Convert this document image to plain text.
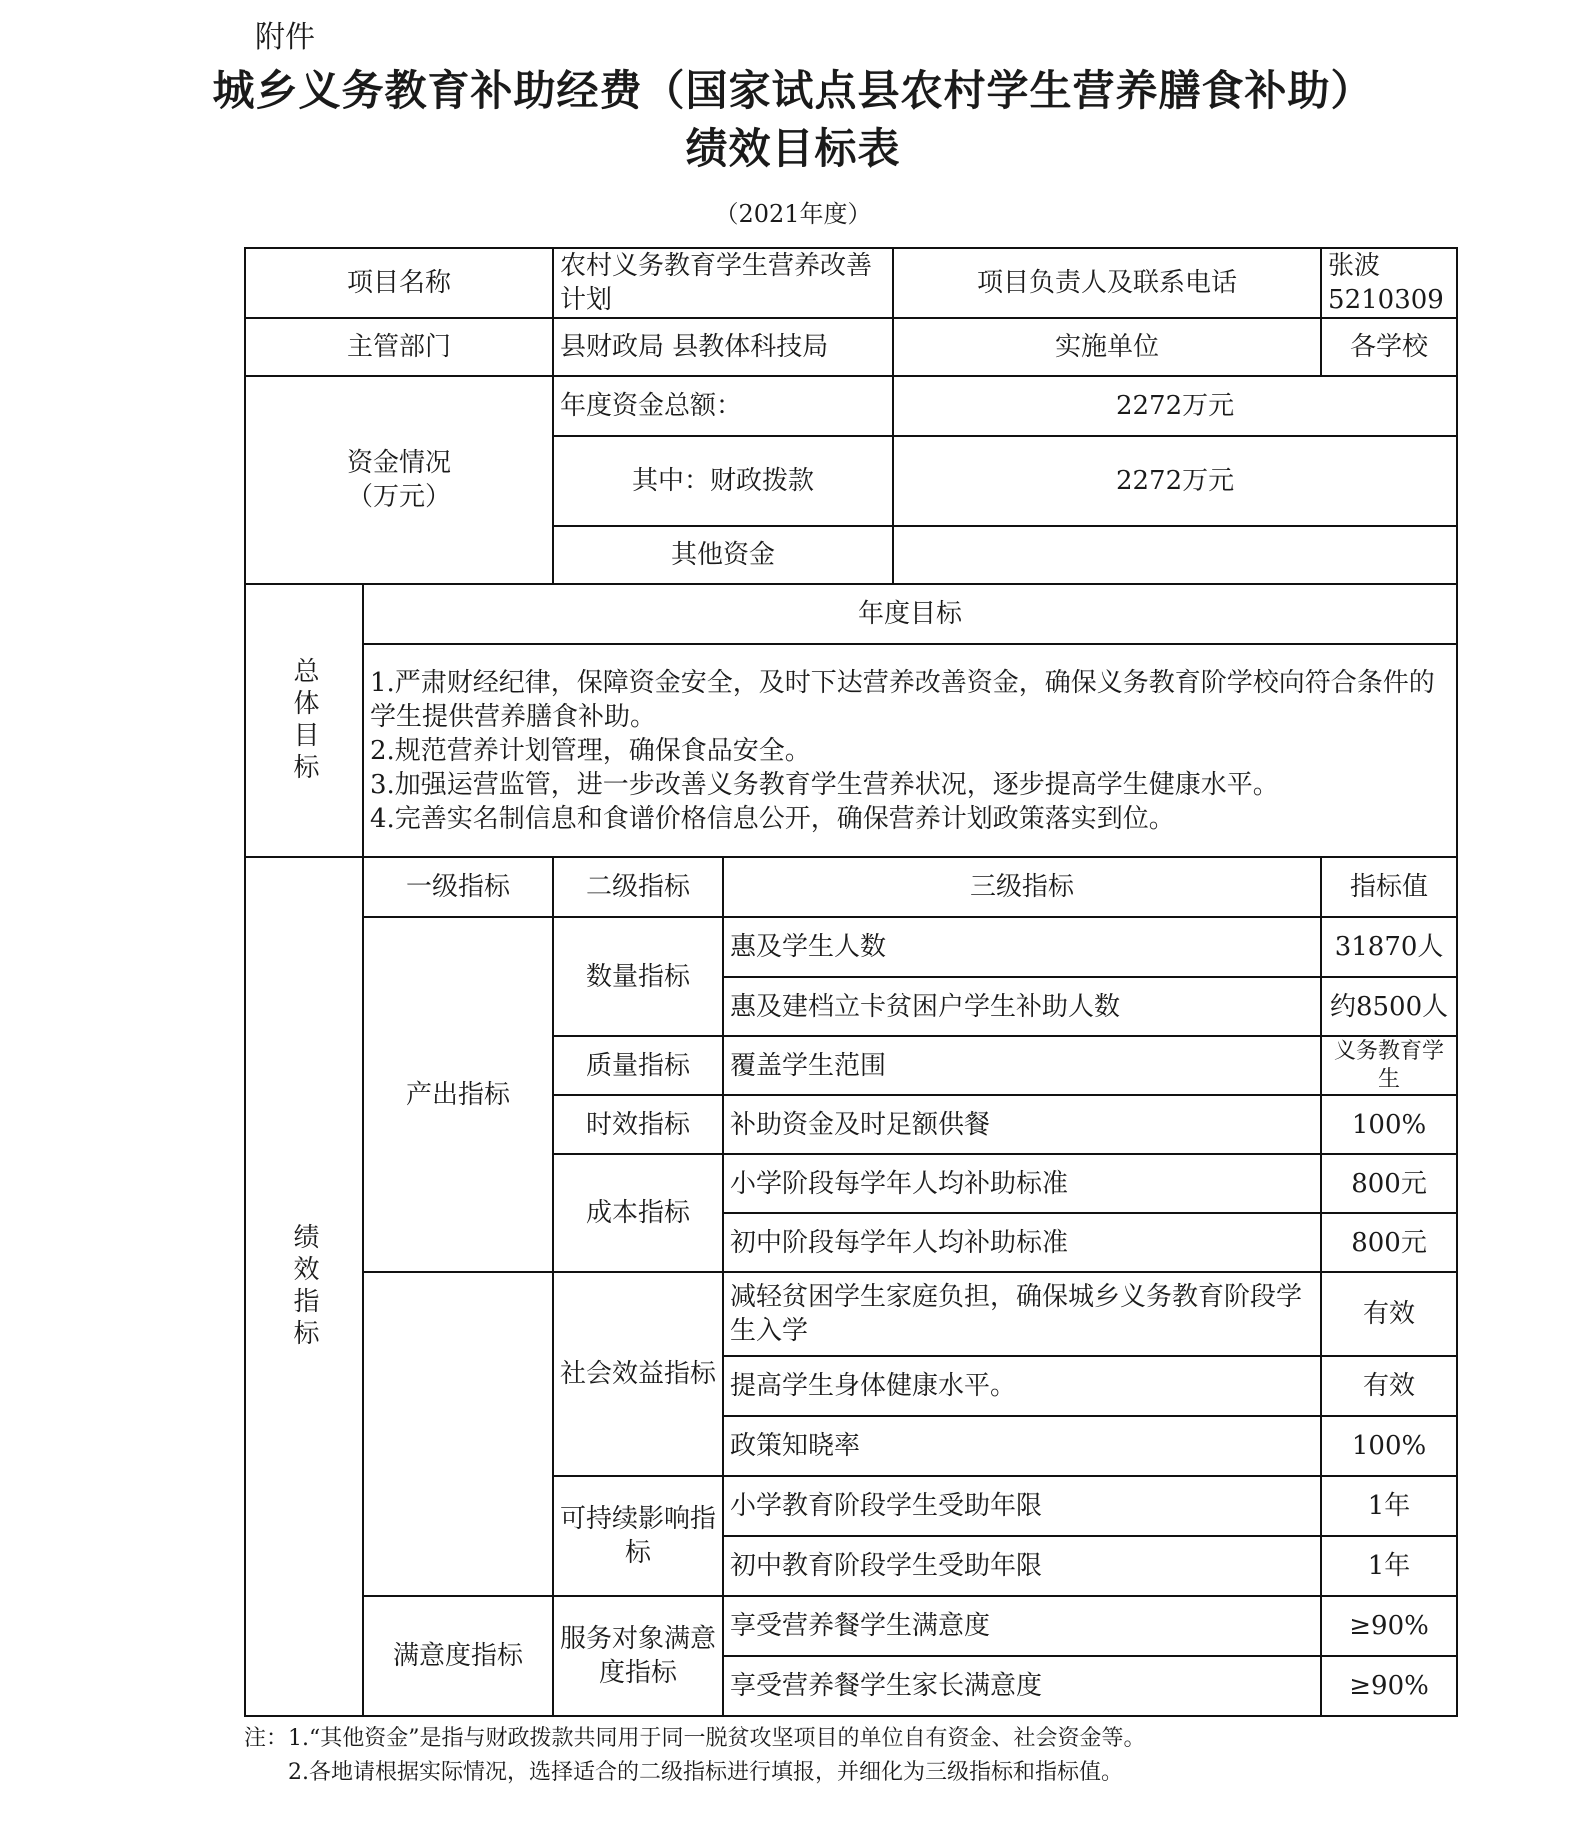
附件
城乡义务教育补助经费（国家试点县农村学生营养膳食补助）
绩效目标表
（2021年度）
项目名称		农村义务教育学生营养改善计划		项目负责人及联系电话	张波 5210309
主管部门		县财政局 县教体科技局		实施单位	各学校

资金情况
（万元）		年度资金总额：		2272万元	
		其中：财政拨款		2272万元	
		其他资金			
总体目标	年度目标				

	1.严肃财经纪律，保障资金安全，及时下达营养改善资金，确保义务教育阶学校向符合条件的学生提供营养膳食补助。
2.规范营养计划管理，确保食品安全。
3.加强运营监管，进一步改善义务教育学生营养状况，逐步提高学生健康水平。
4.完善实名制信息和食谱价格信息公开，确保营养计划政策落实到位。				

绩效指标	一级指标	二级指标	三级指标		指标值
	产出指标	数量指标	惠及学生人数		31870人
			惠及建档立卡贫困户学生补助人数		约8500人
		质量指标	覆盖学生范围		义务教育学生
		时效指标	补助资金及时足额供餐		100%
		成本指标	小学阶段每学年人均补助标准		800元
			初中阶段每学年人均补助标准		800元
		社会效益指标	减轻贫困学生家庭负担，确保城乡义务教育阶段学生入学		有效
			提高学生身体健康水平。		有效
			政策知晓率		100%
		可持续影响指标	小学教育阶段学生受助年限		1年
			初中教育阶段学生受助年限		1年
	满意度指标	服务对象满意度指标	享受营养餐学生满意度		≥90%
			享受营养餐学生家长满意度		≥90%
注：1.“其他资金”是指与财政拨款共同用于同一脱贫攻坚项目的单位自有资金、社会资金等。
2.各地请根据实际情况，选择适合的二级指标进行填报，并细化为三级指标和指标值。
